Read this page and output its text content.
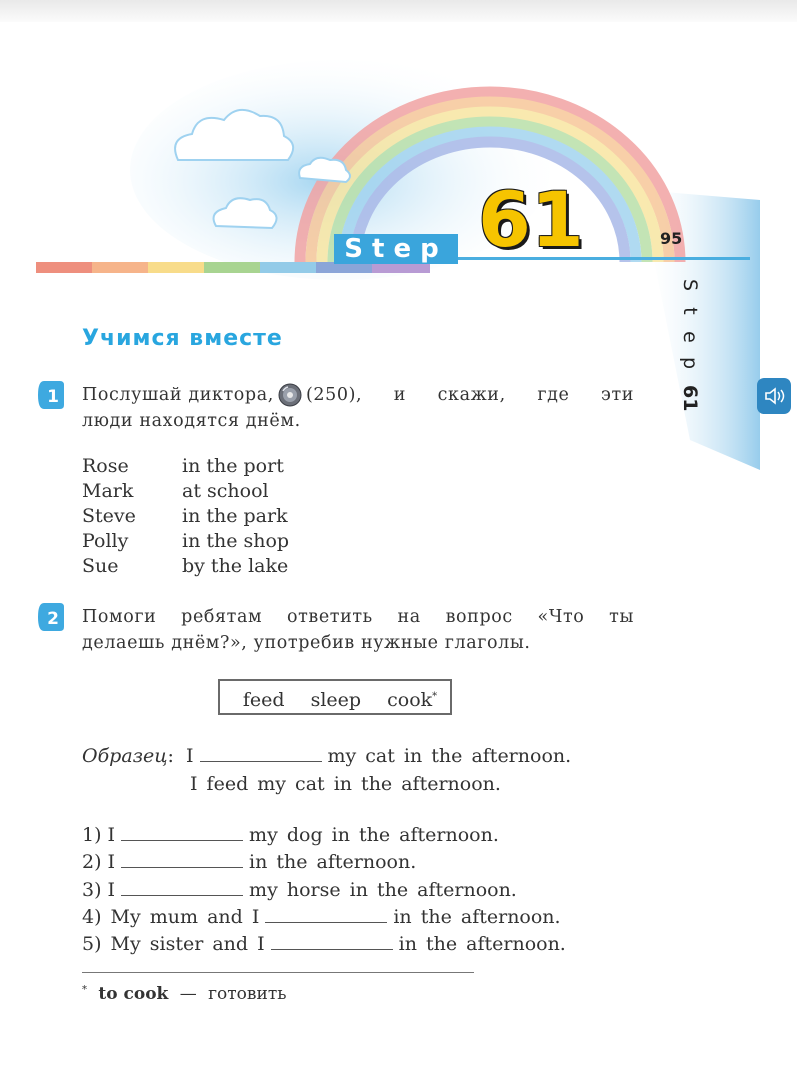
Step 61	95
S
t
e
p
61
Учимся вместе
1 Послушай диктора, (250), и скажи, где эти
люди находятся днём.
Rose	in the port
Mark	at school
Steve	in the park
Polly	in the shop
Sue	by the lake
2 Помоги ребятам ответить на вопрос «Что ты
делаешь днём?», употребив нужные глаголы.
feed sleep cook*
Образец: I	my cat in the afternoon.
I feed my cat in the afternoon.
1) I	my dog in the afternoon.
2) I	in the afternoon.
3) I	my horse in the afternoon.
4) My mum and I	in the afternoon.
5) My sister and I	in the afternoon.
* to cook — готовить
